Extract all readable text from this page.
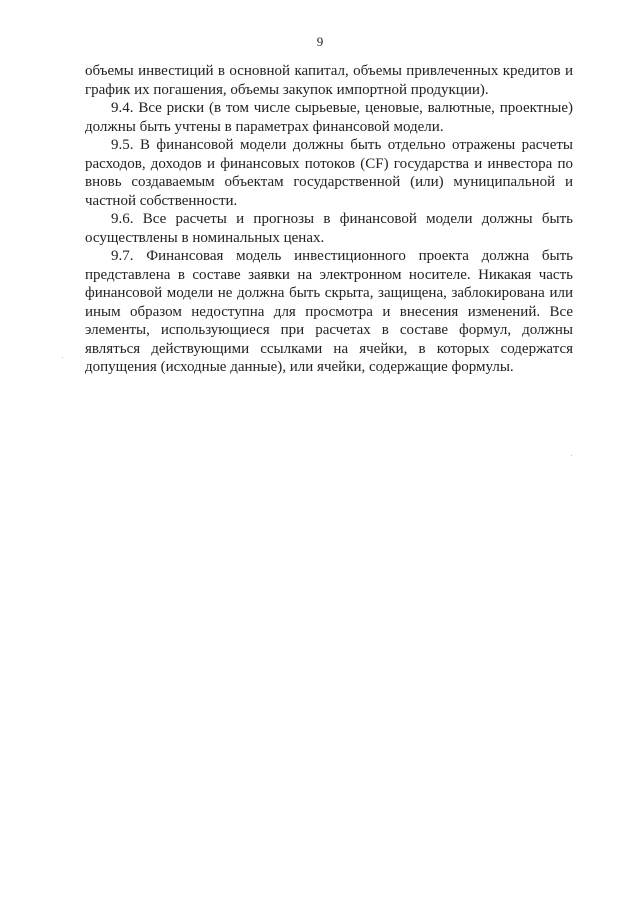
9

объемы инвестиций в основной капитал, объемы привлеченных кредитов и график их погашения, объемы закупок импортной продукции).

9.4. Все риски (в том числе сырьевые, ценовые, валютные, проектные) должны быть учтены в параметрах финансовой модели.

9.5. В финансовой модели должны быть отдельно отражены расчеты расходов, доходов и финансовых потоков (CF) государства и инвестора по вновь создаваемым объектам государственной (или) муниципальной и частной собственности.

9.6. Все расчеты и прогнозы в финансовой модели должны быть осуществлены в номинальных ценах.

9.7. Финансовая модель инвестиционного проекта должна быть представлена в составе заявки на электронном носителе. Никакая часть финансовой модели не должна быть скрыта, защищена, заблокирована или иным образом недоступна для просмотра и внесения изменений. Все элементы, использующиеся при расчетах в составе формул, должны являться действующими ссылками на ячейки, в которых содержатся допущения (исходные данные), или ячейки, содержащие формулы.
